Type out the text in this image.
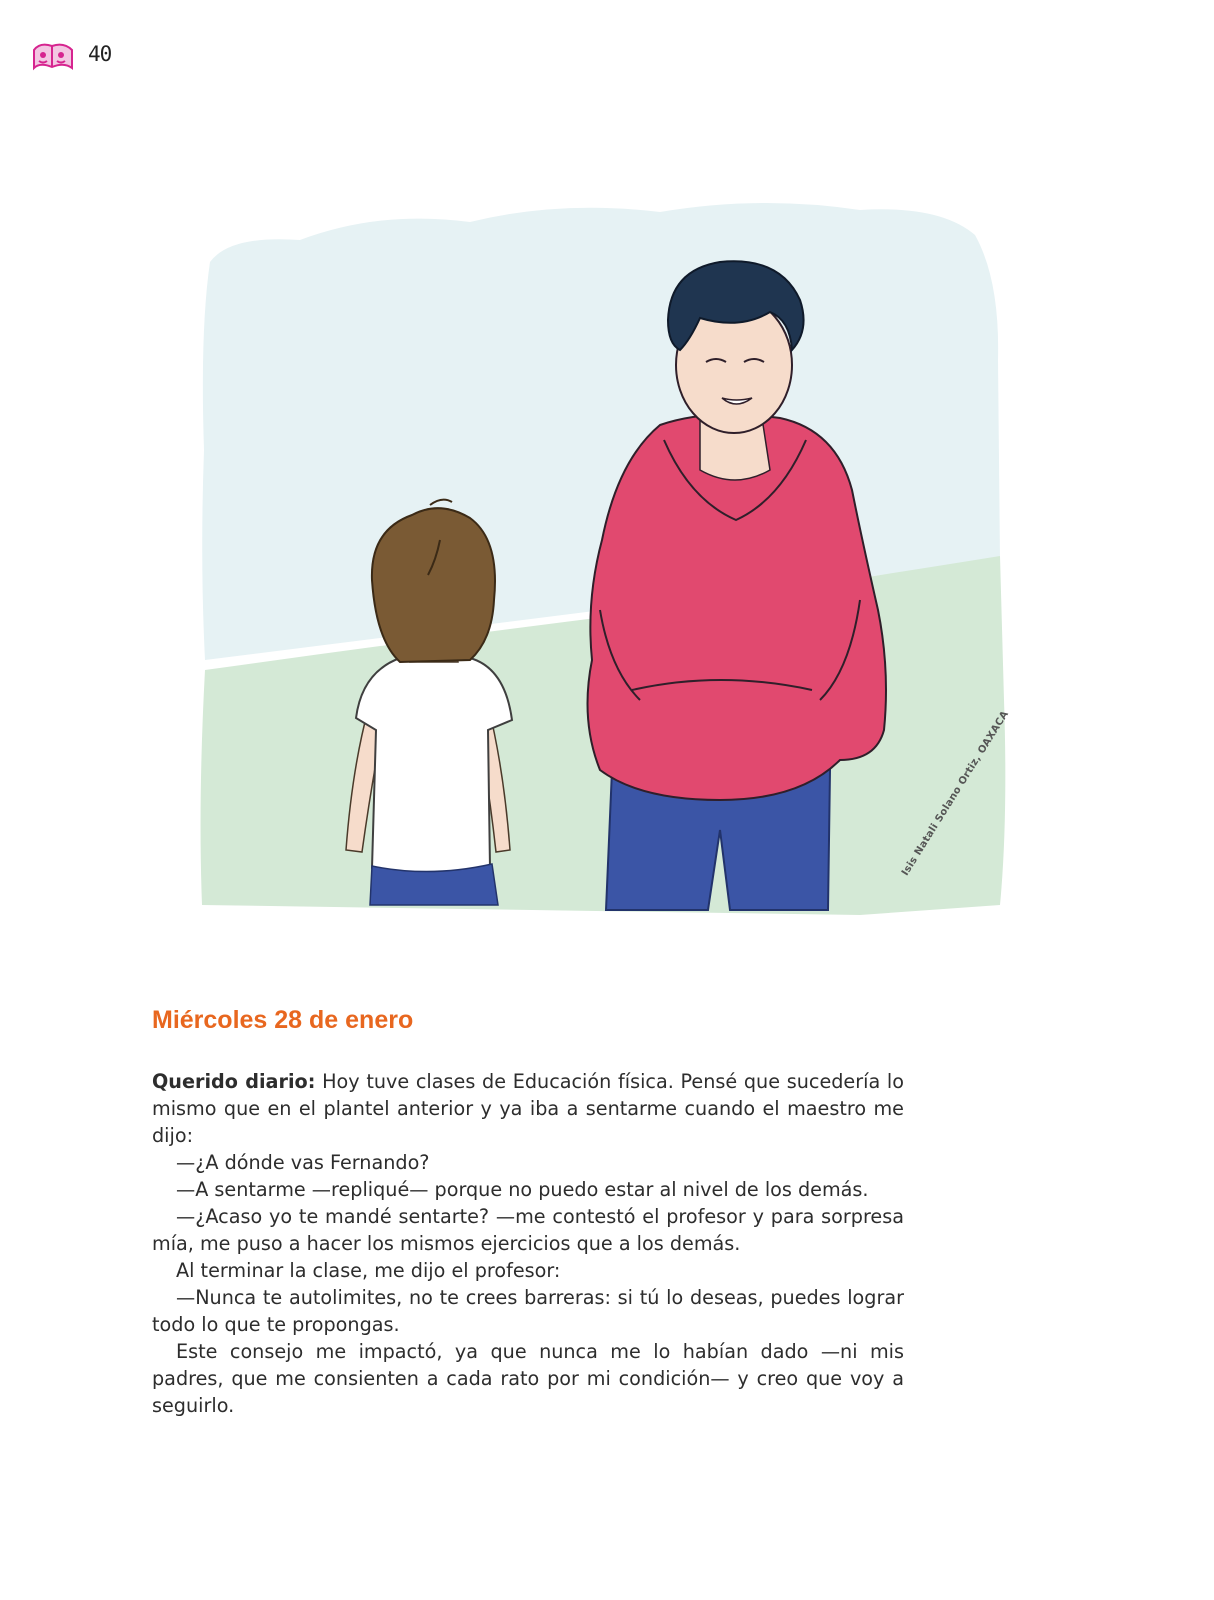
40
Isis Natali Solano Ortiz, OAXACA
Miércoles 28 de enero

Querido diario: Hoy tuve clases de Educación física. Pensé que sucedería lo mismo que en el plantel anterior y ya iba a sentarme cuando el maestro me dijo:

—¿A dónde vas Fernando?

—A sentarme —repliqué— porque no puedo estar al nivel de los demás.

—¿Acaso yo te mandé sentarte? —me contestó el profesor y para sorpresa mía, me puso a hacer los mismos ejercicios que a los demás.

Al terminar la clase, me dijo el profesor:

—Nunca te autolimites, no te crees barreras: si tú lo deseas, puedes lograr todo lo que te propongas.

Este consejo me impactó, ya que nunca me lo habían dado —ni mis padres, que me consienten a cada rato por mi condición— y creo que voy a seguirlo.
